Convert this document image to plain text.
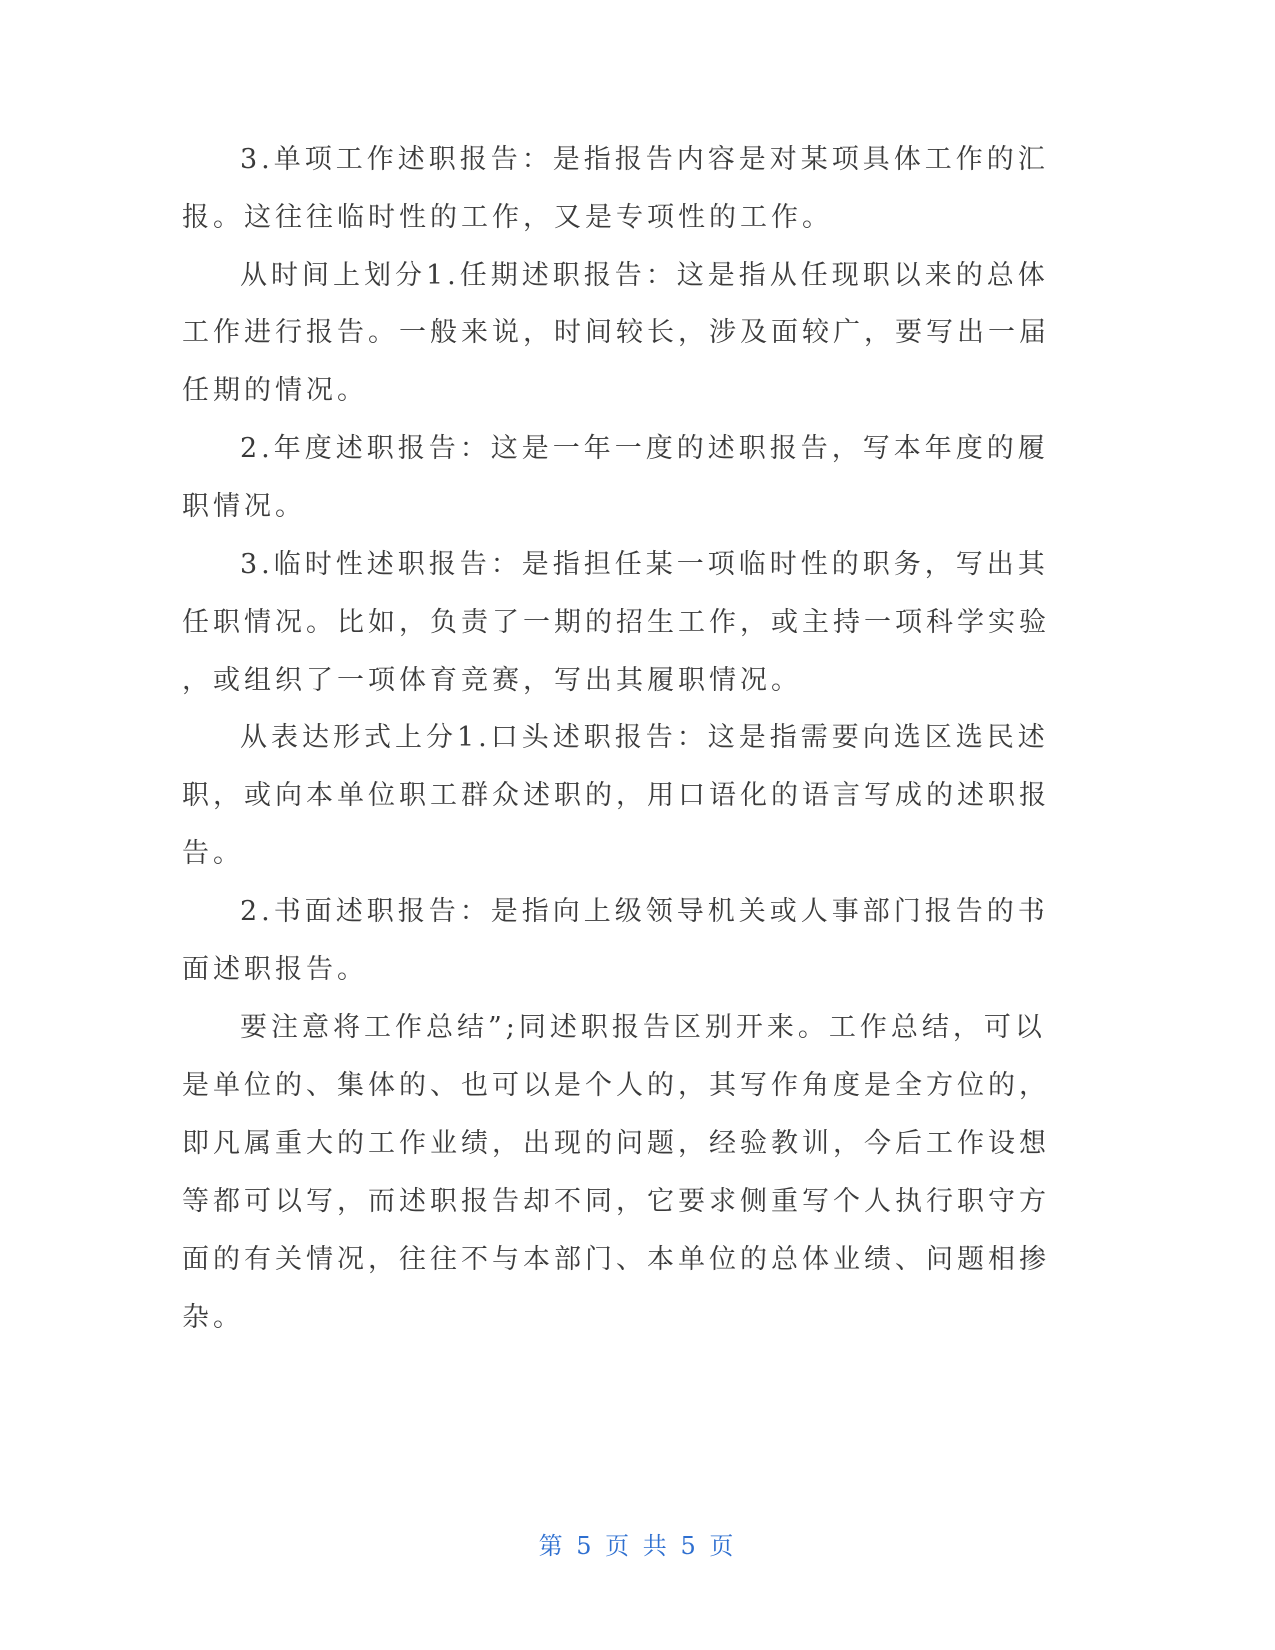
3.单项工作述职报告：是指报告内容是对某项具体工作的汇
报。这往往临时性的工作，又是专项性的工作。
从时间上划分1.任期述职报告：这是指从任现职以来的总体
工作进行报告。一般来说，时间较长，涉及面较广，要写出一届
任期的情况。
2.年度述职报告：这是一年一度的述职报告，写本年度的履
职情况。
3.临时性述职报告：是指担任某一项临时性的职务，写出其
任职情况。比如，负责了一期的招生工作，或主持一项科学实验
，或组织了一项体育竞赛，写出其履职情况。
从表达形式上分1.口头述职报告：这是指需要向选区选民述
职，或向本单位职工群众述职的，用口语化的语言写成的述职报
告。
2.书面述职报告：是指向上级领导机关或人事部门报告的书
面述职报告。
要注意将工作总结”;同述职报告区别开来。工作总结，可以
是单位的、集体的、也可以是个人的，其写作角度是全方位的，
即凡属重大的工作业绩，出现的问题，经验教训，今后工作设想
等都可以写，而述职报告却不同，它要求侧重写个人执行职守方
面的有关情况，往往不与本部门、本单位的总体业绩、问题相掺
杂。
第 5 页 共 5 页
